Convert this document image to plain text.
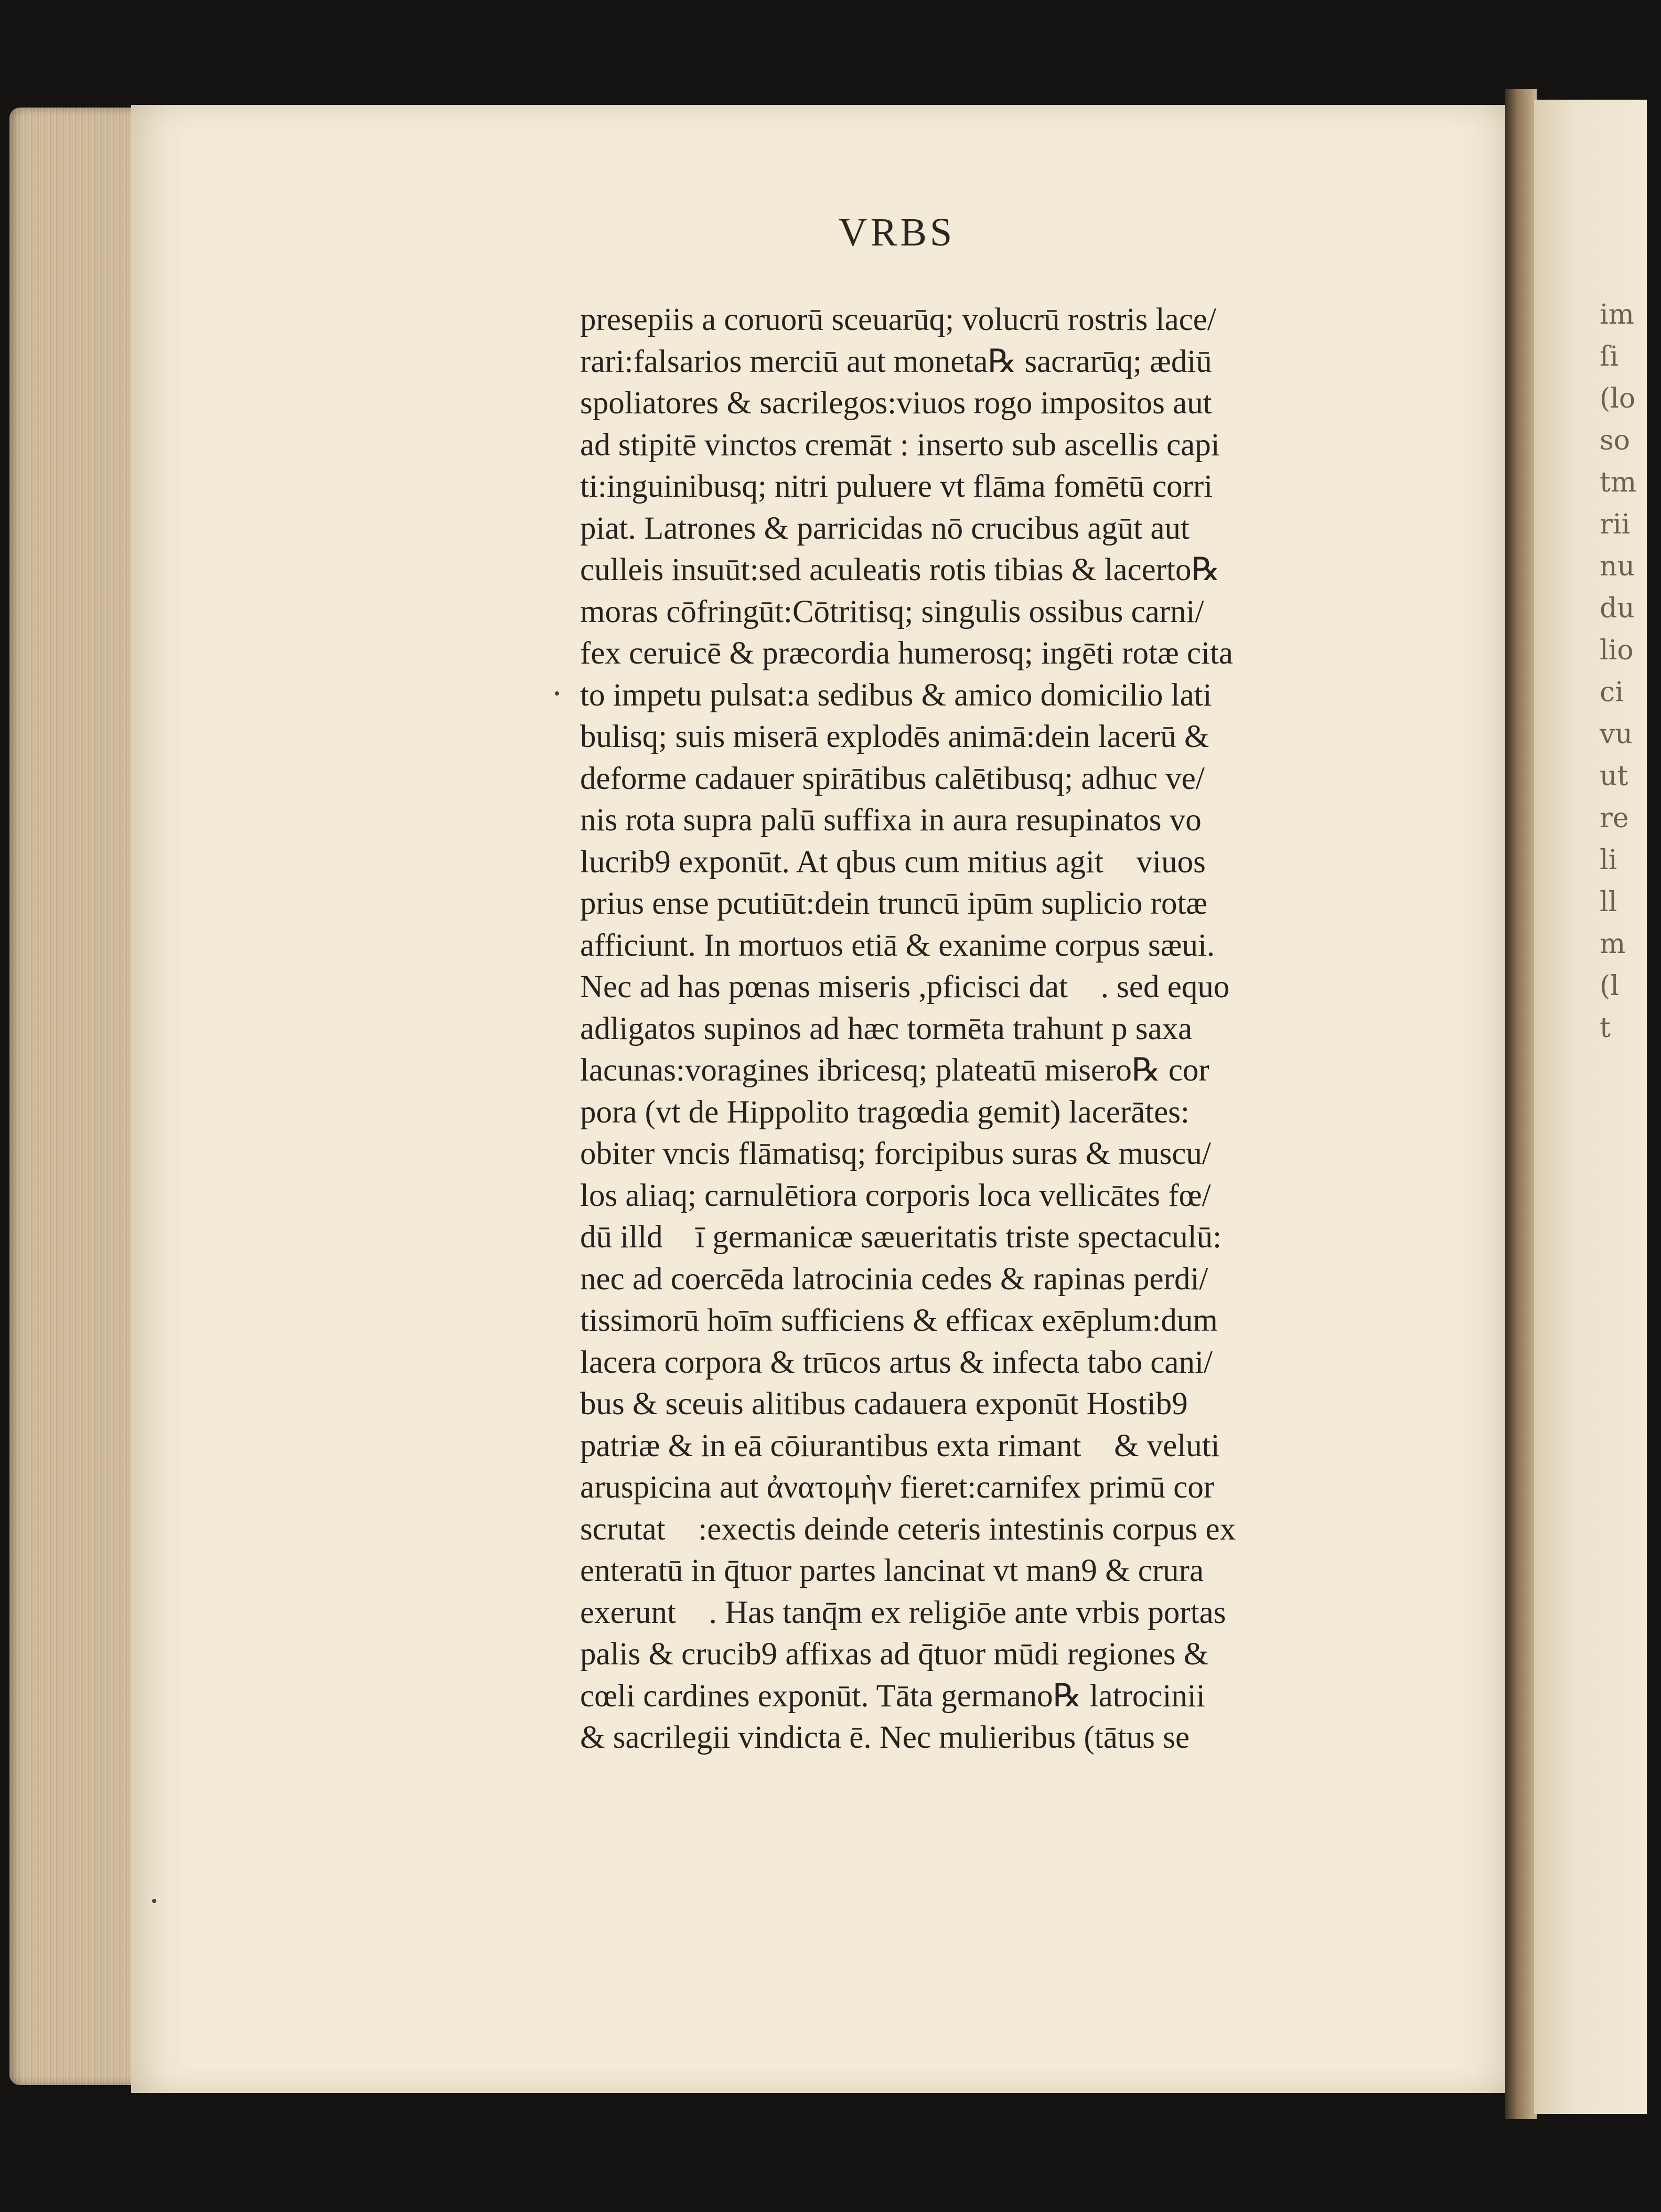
im
ſi
(lo
so
tm
rii
nu
du
lio
ci
vu
ut
re
li
ll
m
(l
t
VRBS
presepiis a coruorū sceuarūq; volucrū rostris lace/
rari:falsarios merciū aut moneta℞ sacrarūq; ædiū
spoliatores & sacrilegos:viuos rogo impositos aut
ad stipitē vinctos cremāt : inserto sub ascellis capi
ti:inguinibusq; nitri puluere vt flāma fomētū corri
piat. Latrones & parricidas nō crucibus agūt aut
culleis insuūt:sed aculeatis rotis tibias & lacerto℞
moras cōfringūt:Cōtritisq; singulis ossibus carni/
fex ceruicē & præcordia humerosq; ingēti rotæ cita
to impetu pulsat:a sedibus & amico domicilio lati
bulisq; suis miserā explodēs animā:dein lacerū &
deforme cadauer spirātibus calētibusq; adhuc ve/
nis rota supra palū suffixa in aura resupinatos vo
lucrib9 exponūt. At qbus cum mitius agit᷑ viuos
prius ense pcutiūt:dein truncū ipūm suplicio rotæ
afficiunt. In mortuos etiā & exanime corpus sæui.
Nec ad has pœnas miseris ,pficisci dat᷑ . sed equo
adligatos supinos ad hæc tormēta trahunt p saxa
lacunas:voragines ibricesq; plateatū misero℞ cor
pora (vt de Hippolito tragœdia gemit) lacerātes:
obiter vncis flāmatisq; forcipibus suras & muscu/
los aliaq; carnulētiora corporis loca vellicātes fœ/
dū illd᷑ ī germanicæ sæueritatis triste spectaculū:
nec ad coercēda latrocinia cedes & rapinas perdi/
tissimorū hoīm sufficiens & efficax exēplum:dum
lacera corpora & trūcos artus & infecta tabo cani/
bus & sceuis alitibus cadauera exponūt Hostib9
patriæ & in eā cōiurantibus exta rimant᷑ & veluti
aruspicina aut ἀνατομὴν fieret:carnifex primū cor
scrutat᷑ :exectis deinde ceteris intestinis corpus ex
enteratū in q̄tuor partes lancinat vt man9 & crura
exerunt᷑ . Has tanq̄m ex religiōe ante vrbis portas
palis & crucib9 affixas ad q̄tuor mūdi regiones &
cœli cardines exponūt. Tāta germano℞ latrocinii
& sacrilegii vindicta ē. Nec mulieribus (tātus se
